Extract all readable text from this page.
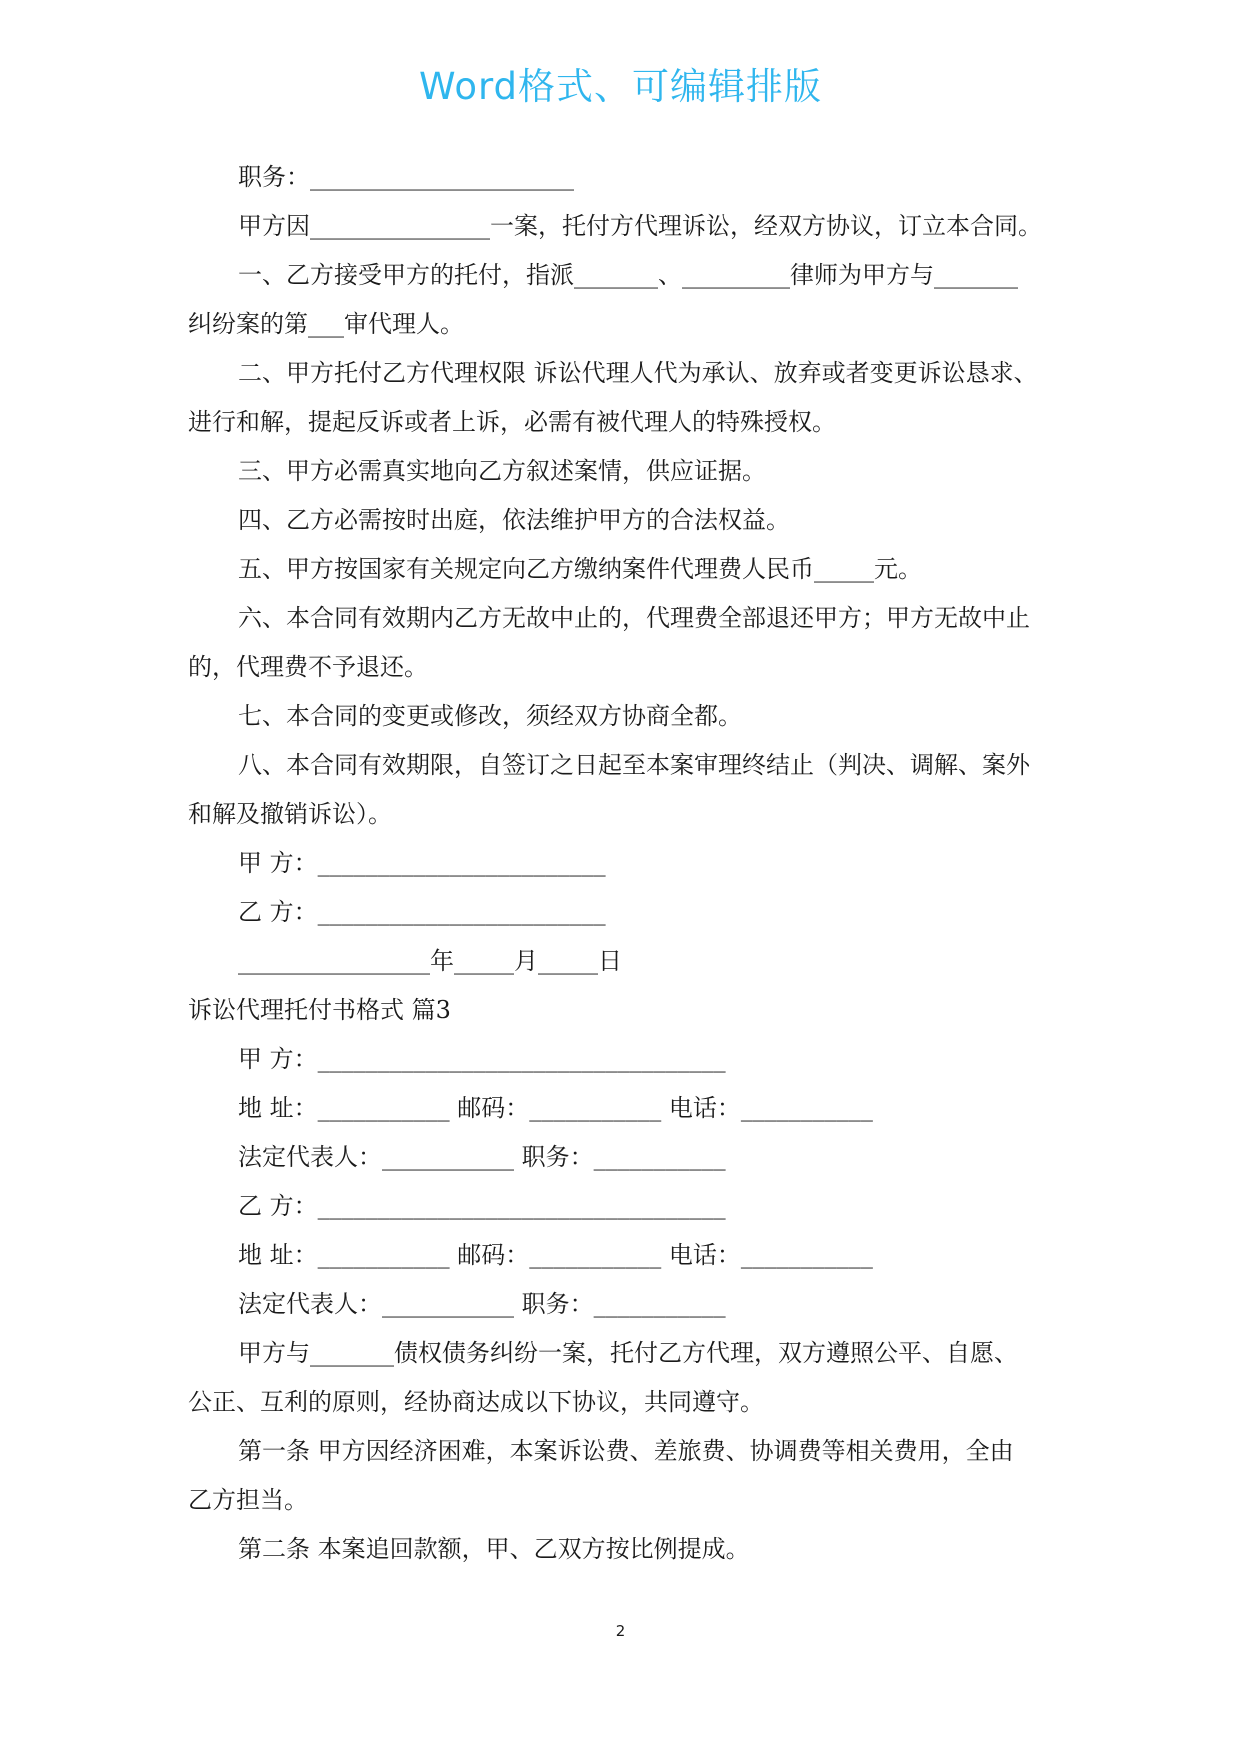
Word格式、可编辑排版

职务：______________________

甲方因_______________一案，托付方代理诉讼，经双方协议，订立本合同。

一、乙方接受甲方的托付，指派_______、_________律师为甲方与_______

纠纷案的第___审代理人。

二、甲方托付乙方代理权限 诉讼代理人代为承认、放弃或者变更诉讼恳求、

进行和解，提起反诉或者上诉，必需有被代理人的特殊授权。

三、甲方必需真实地向乙方叙述案情，供应证据。

四、乙方必需按时出庭，依法维护甲方的合法权益。

五、甲方按国家有关规定向乙方缴纳案件代理费人民币_____元。

六、本合同有效期内乙方无故中止的，代理费全部退还甲方；甲方无故中止

的，代理费不予退还。

七、本合同的变更或修改，须经双方协商全都。

八、本合同有效期限，自签订之日起至本案审理终结止（判决、调解、案外

和解及撤销诉讼）。

甲 方：________________________

乙 方：________________________

________________年_____月_____日

诉讼代理托付书格式 篇3

甲 方：__________________________________

地 址：___________ 邮码：___________ 电话：___________

法定代表人：___________ 职务：___________

乙 方：__________________________________

地 址：___________ 邮码：___________ 电话：___________

法定代表人：___________ 职务：___________

甲方与_______债权债务纠纷一案，托付乙方代理，双方遵照公平、自愿、

公正、互利的原则，经协商达成以下协议，共同遵守。

第一条 甲方因经济困难，本案诉讼费、差旅费、协调费等相关费用，全由

乙方担当。

第二条 本案追回款额，甲、乙双方按比例提成。

2
